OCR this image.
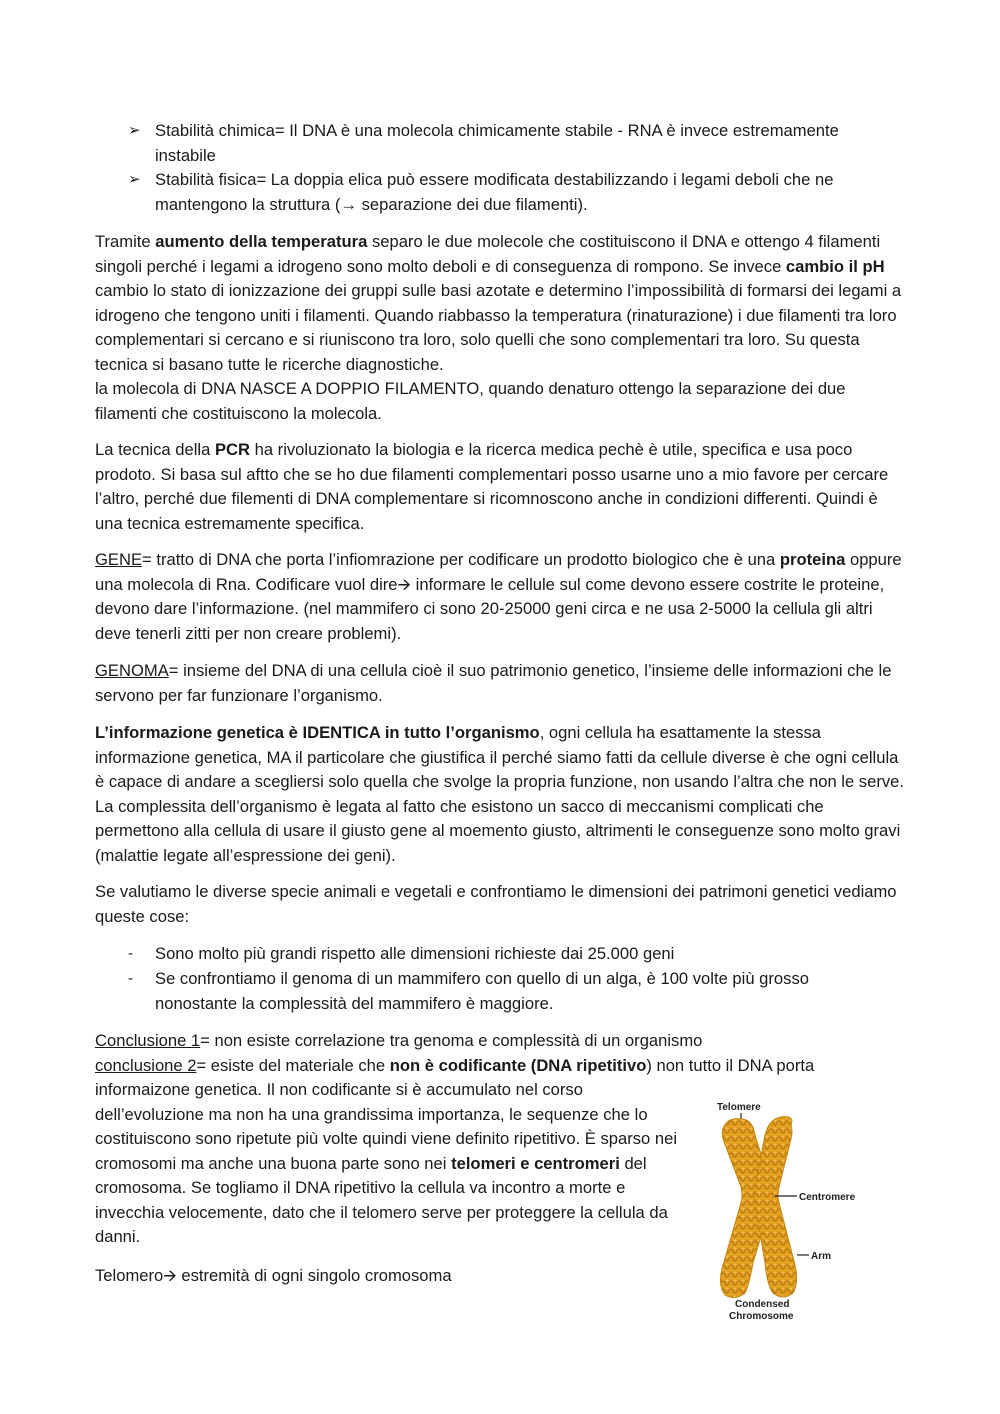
➢ Stabilità chimica= Il DNA è una molecola chimicamente stabile - RNA è invece estremamente instabile
➢ Stabilità fisica= La doppia elica può essere modificata destabilizzando i legami deboli che ne mantengono la struttura (→ separazione dei due filamenti).
Tramite aumento della temperatura separo le due molecole che costituiscono il DNA e ottengo 4 filamenti singoli perché i legami a idrogeno sono molto deboli e di conseguenza di rompono. Se invece cambio il pH cambio lo stato di ionizzazione dei gruppi sulle basi azotate e determino l’impossibilità di formarsi dei legami a idrogeno che tengono uniti i filamenti. Quando riabbasso la temperatura (rinaturazione) i due filamenti tra loro complementari si cercano e si riuniscono tra loro, solo quelli che sono complementari tra loro. Su questa tecnica si basano tutte le ricerche diagnostiche.
la molecola di DNA NASCE A DOPPIO FILAMENTO, quando denaturo ottengo la separazione dei due filamenti che costituiscono la molecola.
La tecnica della PCR ha rivoluzionato la biologia e la ricerca medica pechè è utile, specifica e usa poco prodoto. Si basa sul aftto che se ho due filamenti complementari posso usarne uno a mio favore per cercare l’altro, perché due filementi di DNA complementare si ricomnoscono anche in condizioni differenti. Quindi è una tecnica estremamente specifica.
GENE= tratto di DNA che porta l’infiomrazione per codificare un prodotto biologico che è una proteina oppure una molecola di Rna. Codificare vuol dire🡪 informare le cellule sul come devono essere costrite le proteine, devono dare l’informazione. (nel mammifero ci sono 20-25000 geni circa e ne usa 2-5000 la cellula gli altri deve tenerli zitti per non creare problemi).
GENOMA= insieme del DNA di una cellula cioè il suo patrimonio genetico, l’insieme delle informazioni che le servono per far funzionare l’organismo.
L’informazione genetica è IDENTICA in tutto l’organismo, ogni cellula ha esattamente la stessa informazione genetica, MA il particolare che giustifica il perché siamo fatti da cellule diverse è che ogni cellula è capace di andare a scegliersi solo quella che svolge la propria funzione, non usando l’altra che non le serve. La complessita dell’organismo è legata al fatto che esistono un sacco di meccanismi complicati che permettono alla cellula di usare il giusto gene al moemento giusto, altrimenti le conseguenze sono molto gravi (malattie legate all’espressione dei geni).
Se valutiamo le diverse specie animali e vegetali e confrontiamo le dimensioni dei patrimoni genetici vediamo queste cose:
- Sono molto più grandi rispetto alle dimensioni richieste dai 25.000 geni
- Se confrontiamo il genoma di un mammifero con quello di un alga, è 100 volte più grosso nonostante la complessità del mammifero è maggiore.
Conclusione 1= non esiste correlazione tra genoma e complessità di un organismo
conclusione 2= esiste del materiale che non è codificante (DNA ripetitivo) non tutto il DNA porta
informaizone genetica. Il non codificante si è accumulato nel corso dell’evoluzione ma non ha una grandissima importanza, le sequenze che lo costituiscono sono ripetute più volte quindi viene definito ripetitivo. È sparso nei cromosomi ma anche una buona parte sono nei telomeri e centromeri del cromosoma. Se togliamo il DNA ripetitivo la cellula va incontro a morte e invecchia velocemente, dato che il telomero serve per proteggere la cellula da danni.
Telomero🡪 estremità di ogni singolo cromosoma
Telomere
Centromere
Arm
Condensed
Chromosome
